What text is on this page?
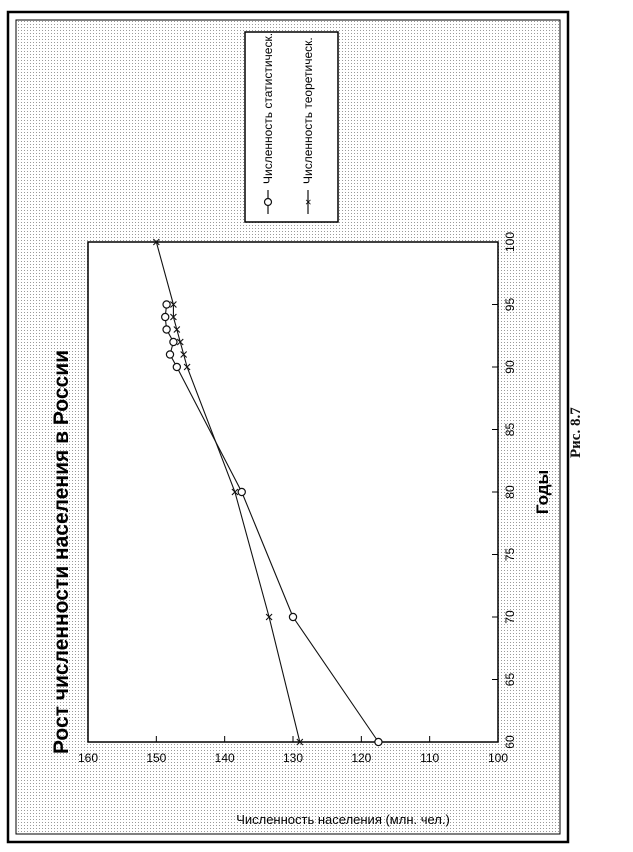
100
110
120
130
140
150
160
60
65
70
75
80
85
90
95
100
Рост численности населения в России	Годы
Численность населения (млн. чел.)
Численность статистическ.
×
Численность теоретическ.
Рис. 8.7
